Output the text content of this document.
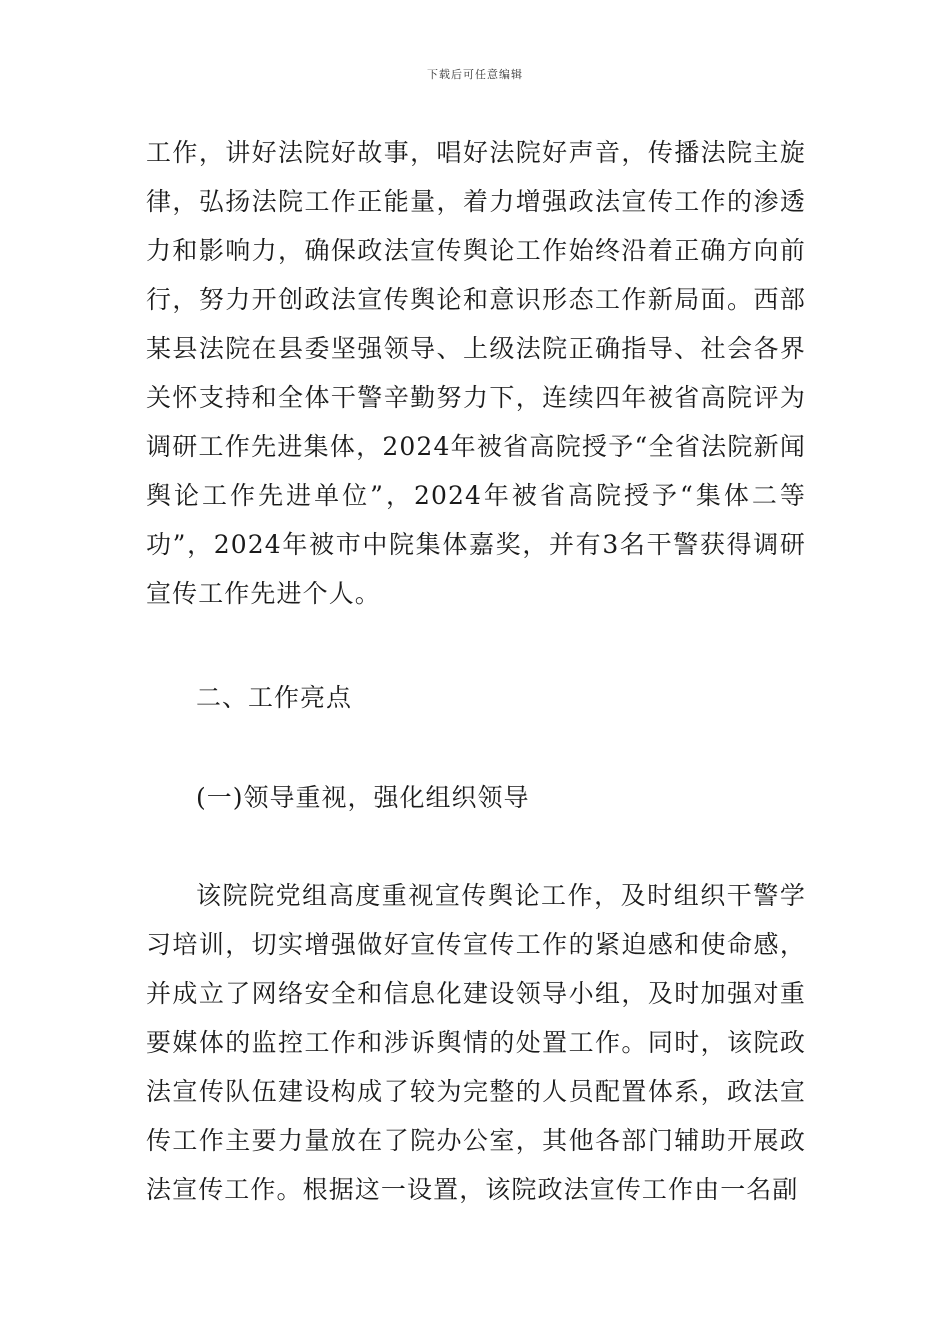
下载后可任意编辑

工作，讲好法院好故事，唱好法院好声音，传播法院主旋律，弘扬法院工作正能量，着力增强政法宣传工作的渗透力和影响力，确保政法宣传舆论工作始终沿着正确方向前行，努力开创政法宣传舆论和意识形态工作新局面。西部某县法院在县委坚强领导、上级法院正确指导、社会各界关怀支持和全体干警辛勤努力下，连续四年被省高院评为调研工作先进集体，2024年被省高院授予“全省法院新闻舆论工作先进单位”，2024年被省高院授予“集体二等功”，2024年被市中院集体嘉奖，并有3名干警获得调研宣传工作先进个人。

二、工作亮点
(一)领导重视，强化组织领导

该院院党组高度重视宣传舆论工作，及时组织干警学习培训，切实增强做好宣传宣传工作的紧迫感和使命感，并成立了网络安全和信息化建设领导小组，及时加强对重要媒体的监控工作和涉诉舆情的处置工作。同时，该院政法宣传队伍建设构成了较为完整的人员配置体系，政法宣传工作主要力量放在了院办公室，其他各部门辅助开展政法宣传工作。根据这一设置，该院政法宣传工作由一名副
